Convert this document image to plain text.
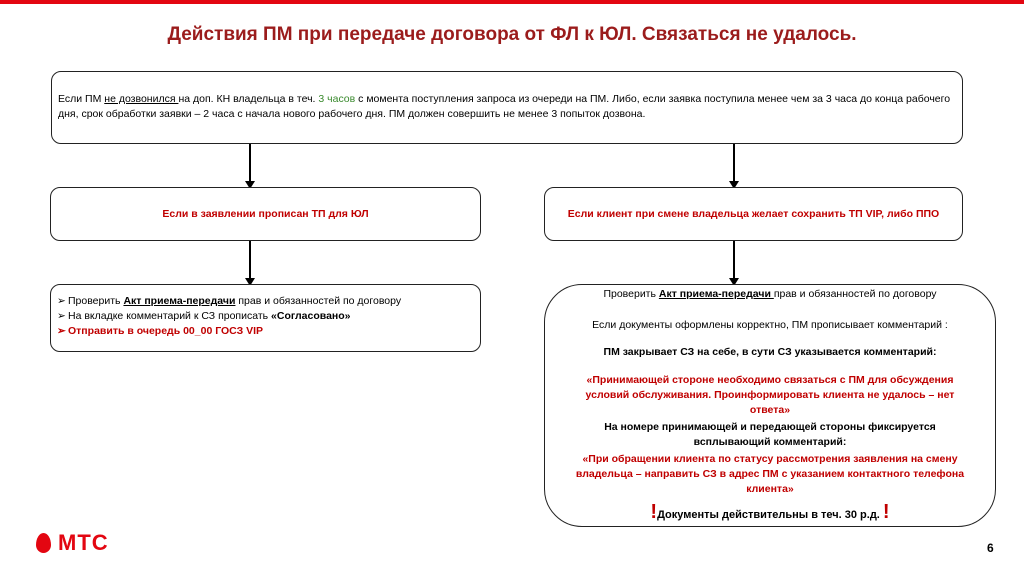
Действия ПМ при передаче договора от ФЛ к ЮЛ. Связаться не удалось.
Если ПМ не дозвонился на доп. КН владельца в теч. 3 часов с момента поступления запроса из очереди на ПМ. Либо, если заявка поступила менее чем за 3 часа до конца рабочего дня, срок обработки заявки – 2 часа с начала нового рабочего дня. ПМ должен совершить не менее 3 попыток дозвона.
Если в заявлении прописан ТП для ЮЛ	Если клиент при смене владельца желает сохранить ТП VIP, либо ППО
➢ Проверить Акт приема-передачи прав и обязанностей по договору
➢ На вкладке комментарий к СЗ прописать «Согласовано»
➢ Отправить в очередь 00_00 ГОСЗ VIP
Проверить Акт приема-передачи прав и обязанностей по договору
Если документы оформлены корректно, ПМ прописывает комментарий :
ПМ закрывает СЗ на себе, в сути СЗ указывается комментарий:
«Принимающей стороне необходимо связаться с ПМ для обсуждения условий обслуживания. Проинформировать клиента не удалось – нет ответа»
На номере принимающей и передающей стороны фиксируется всплывающий комментарий:
«При обращении клиента по статусу рассмотрения заявления на смену владельца – направить СЗ в адрес ПМ с указанием контактного телефона клиента»
!Документы действительны в теч. 30 р.д. !
МТС	6
